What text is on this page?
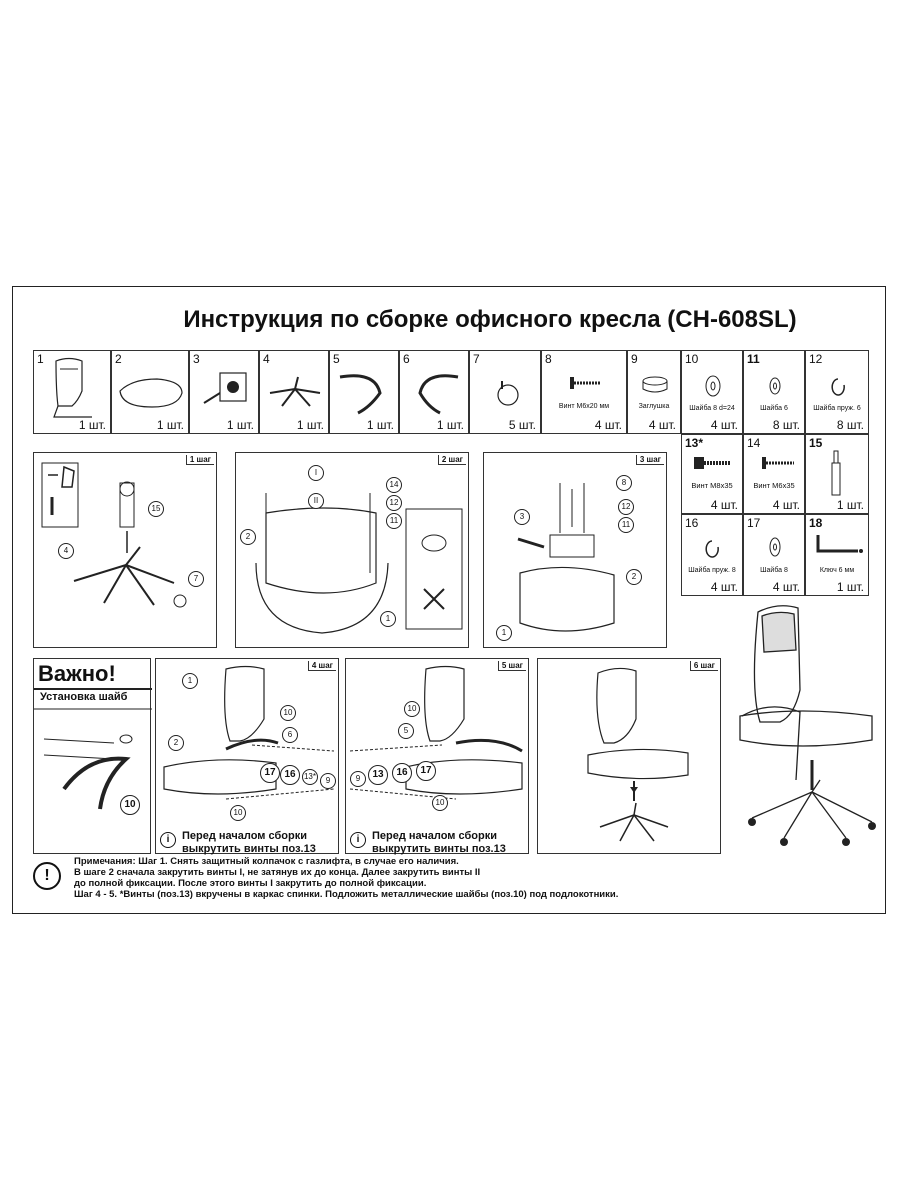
Инструкция по сборке офисного кресла (CH-608SL)
1
1 шт.
2
1 шт.
3
1 шт.
4
1 шт.
5
1 шт.
6
1 шт.
7
5 шт.
8
Винт М6х20 мм
4 шт.
9
Заглушка
4 шт.
10
Шайба 8 d=24
4 шт.
11
Шайба 6
8 шт.
12
Шайба пруж. 6
8 шт.
13*
Винт М8х35
4 шт.
14
Винт М6х35
4 шт.
15
1 шт.
16
Шайба пруж. 8
4 шт.
17
Шайба 8
4 шт.
18
Ключ 6 мм
1 шт.
1 шаг
15
4
7
2 шаг
I
II
14
12
11
2
1
3 шаг
8
12
11
3
2
1
Важно!
Установка шайб
10
4 шаг
1
10
6
2
17 16	13*	9
10
5 шаг
10
5
9	13	16	17
10
i	Перед началом сборки
выкрутить винты поз.13
i	Перед началом сборки
выкрутить винты поз.13
6 шаг
!
Примечания: Шаг 1. Снять защитный колпачок с газлифта, в случае его наличия.
В шаге 2 сначала закрутить винты I, не затянув их до конца. Далее закрутить винты II
до полной фиксации. После этого винты I закрутить до полной фиксации.
Шаг 4 - 5. *Винты (поз.13) вкручены в каркас спинки. Подложить металлические шайбы (поз.10) под подлокотники.
